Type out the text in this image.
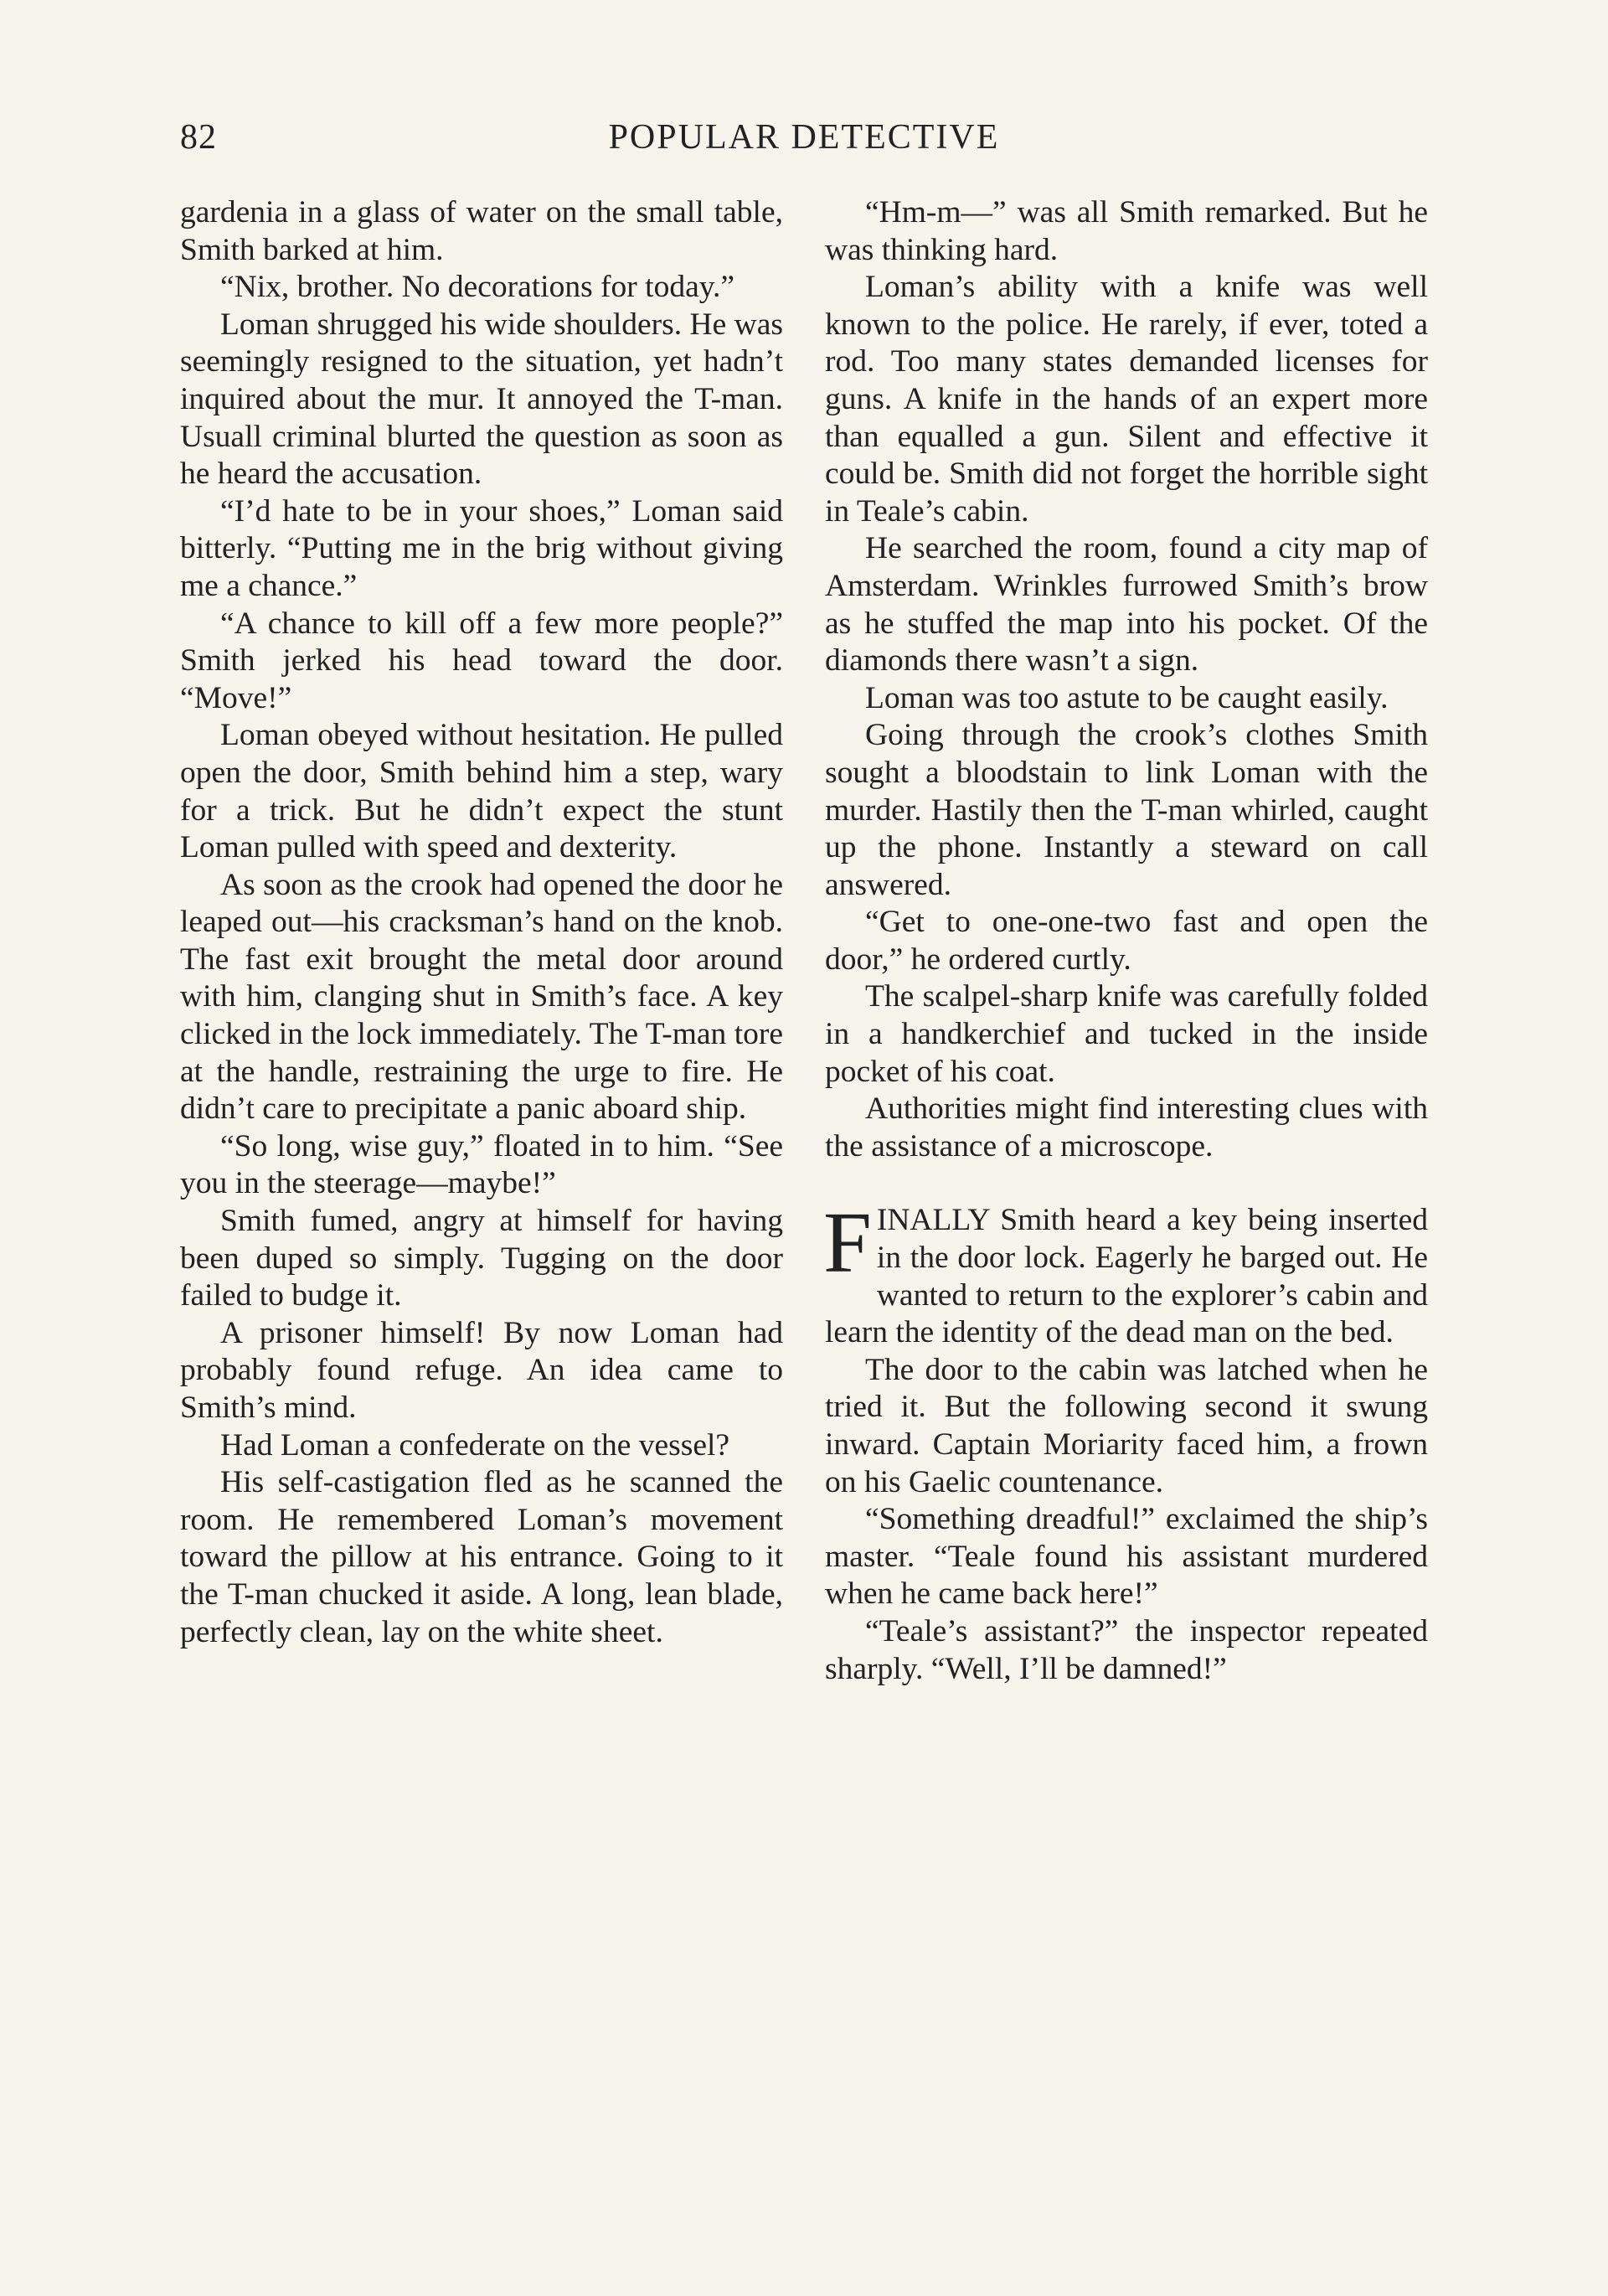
82	POPULAR DETECTIVE

gardenia in a glass of water on the small table, Smith barked at him.

“Nix, brother. No decorations for today.”

Loman shrugged his wide shoulders. He was seemingly resigned to the situation, yet hadn’t inquired about the mur. It annoyed the T-man. Usuall criminal blurted the question as soon as he heard the accusation.

“I’d hate to be in your shoes,” Loman said bitterly. “Putting me in the brig without giving me a chance.”

“A chance to kill off a few more people?” Smith jerked his head toward the door. “Move!”

Loman obeyed without hesitation. He pulled open the door, Smith behind him a step, wary for a trick. But he didn’t expect the stunt Loman pulled with speed and dexterity.

As soon as the crook had opened the door he leaped out—his cracksman’s hand on the knob. The fast exit brought the metal door around with him, clanging shut in Smith’s face. A key clicked in the lock immediately. The T-man tore at the handle, restraining the urge to fire. He didn’t care to precipitate a panic aboard ship.

“So long, wise guy,” floated in to him. “See you in the steerage—maybe!”

Smith fumed, angry at himself for having been duped so simply. Tugging on the door failed to budge it.

A prisoner himself! By now Loman had probably found refuge. An idea came to Smith’s mind.

Had Loman a confederate on the vessel?

His self-castigation fled as he scanned the room. He remembered Loman’s movement toward the pillow at his entrance. Going to it the T-man chucked it aside. A long, lean blade, perfectly clean, lay on the white sheet.

“Hm-m—” was all Smith remarked. But he was thinking hard.

Loman’s ability with a knife was well known to the police. He rarely, if ever, toted a rod. Too many states demanded licenses for guns. A knife in the hands of an expert more than equalled a gun. Silent and effective it could be. Smith did not forget the horrible sight in Teale’s cabin.

He searched the room, found a city map of Amsterdam. Wrinkles furrowed Smith’s brow as he stuffed the map into his pocket. Of the diamonds there wasn’t a sign.

Loman was too astute to be caught easily.

Going through the crook’s clothes Smith sought a bloodstain to link Loman with the murder. Hastily then the T-man whirled, caught up the phone. Instantly a steward on call answered.

“Get to one-one-two fast and open the door,” he ordered curtly.

The scalpel-sharp knife was carefully folded in a handkerchief and tucked in the inside pocket of his coat.

Authorities might find interesting clues with the assistance of a microscope.

FINALLY Smith heard a key being inserted in the door lock. Eagerly he barged out. He wanted to return to the explorer’s cabin and learn the identity of the dead man on the bed.

The door to the cabin was latched when he tried it. But the following second it swung inward. Captain Moriarity faced him, a frown on his Gaelic countenance.

“Something dreadful!” exclaimed the ship’s master. “Teale found his assistant murdered when he came back here!”

“Teale’s assistant?” the inspector repeated sharply. “Well, I’ll be damned!”
